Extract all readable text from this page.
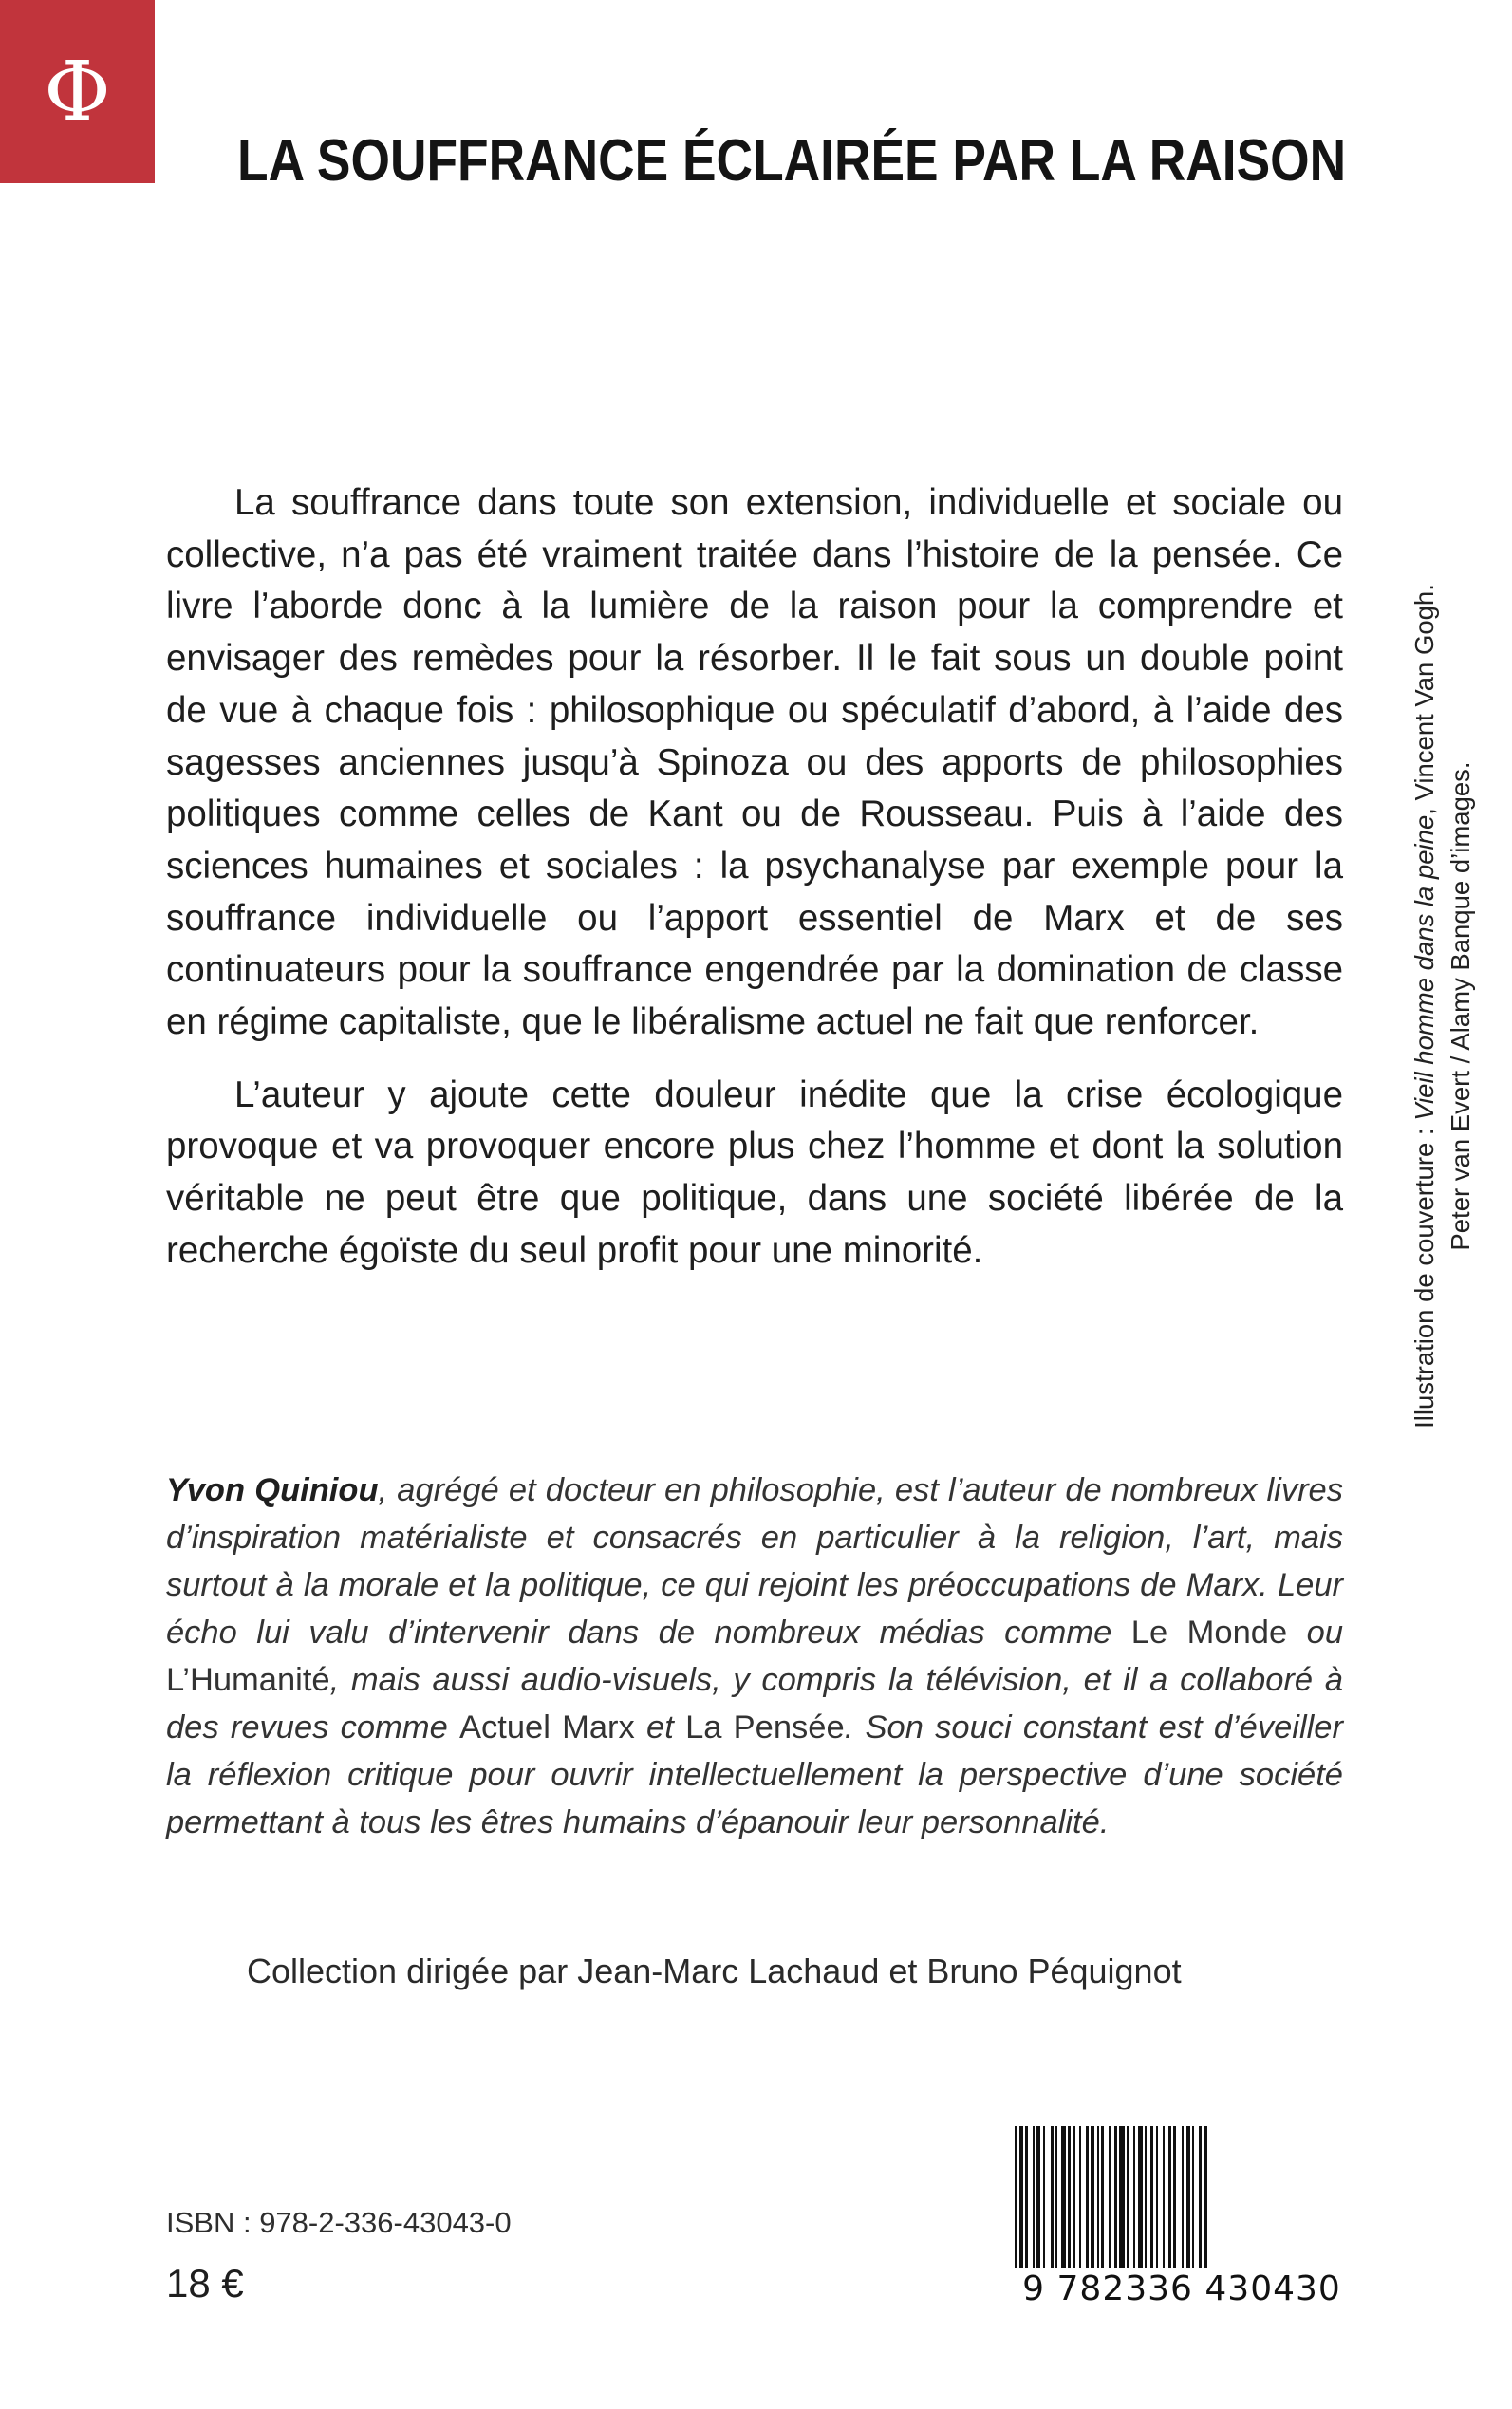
Φ
LA SOUFFRANCE ÉCLAIRÉE PAR LA RAISON

La souffrance dans toute son extension, individuelle et sociale ou collective, n’a pas été vraiment traitée dans l’histoire de la pensée. Ce livre l’aborde donc à la lumière de la raison pour la comprendre et envisager des remèdes pour la résorber. Il le fait sous un double point de vue à chaque fois : philosophique ou spéculatif d’abord, à l’aide des sagesses anciennes jusqu’à Spinoza ou des apports de philosophies politiques comme celles de Kant ou de Rousseau. Puis à l’aide des sciences humaines et sociales : la psychanalyse par exemple pour la souffrance individuelle ou l’apport essentiel de Marx et de ses continuateurs pour la souffrance engendrée par la domination de classe en régime capitaliste, que le libéralisme actuel ne fait que renforcer.

L’auteur y ajoute cette douleur inédite que la crise écologique provoque et va provoquer encore plus chez l’homme et dont la solution véritable ne peut être que politique, dans une société libérée de la recherche égoïste du seul profit pour une minorité.

Yvon Quiniou, agrégé et docteur en philosophie, est l’auteur de nombreux livres d’inspiration matérialiste et consacrés en particulier à la religion, l’art, mais surtout à la morale et la politique, ce qui rejoint les préoccupations de Marx. Leur écho lui valu d’intervenir dans de nombreux médias comme Le Monde ou L’Humanité, mais aussi audio-visuels, y compris la télévision, et il a collaboré à des revues comme Actuel Marx et La Pensée. Son souci constant est d’éveiller la réflexion critique pour ouvrir intellectuellement la perspective d’une société permettant à tous les êtres humains d’épanouir leur personnalité.

Collection dirigée par Jean-Marc Lachaud et Bruno Péquignot
Illustration de couverture : Vieil homme dans la peine, Vincent Van Gogh.
Peter van Evert / Alamy Banque d’images.
ISBN : 978-2-336-43043-0
18 €	9 782336 430430
